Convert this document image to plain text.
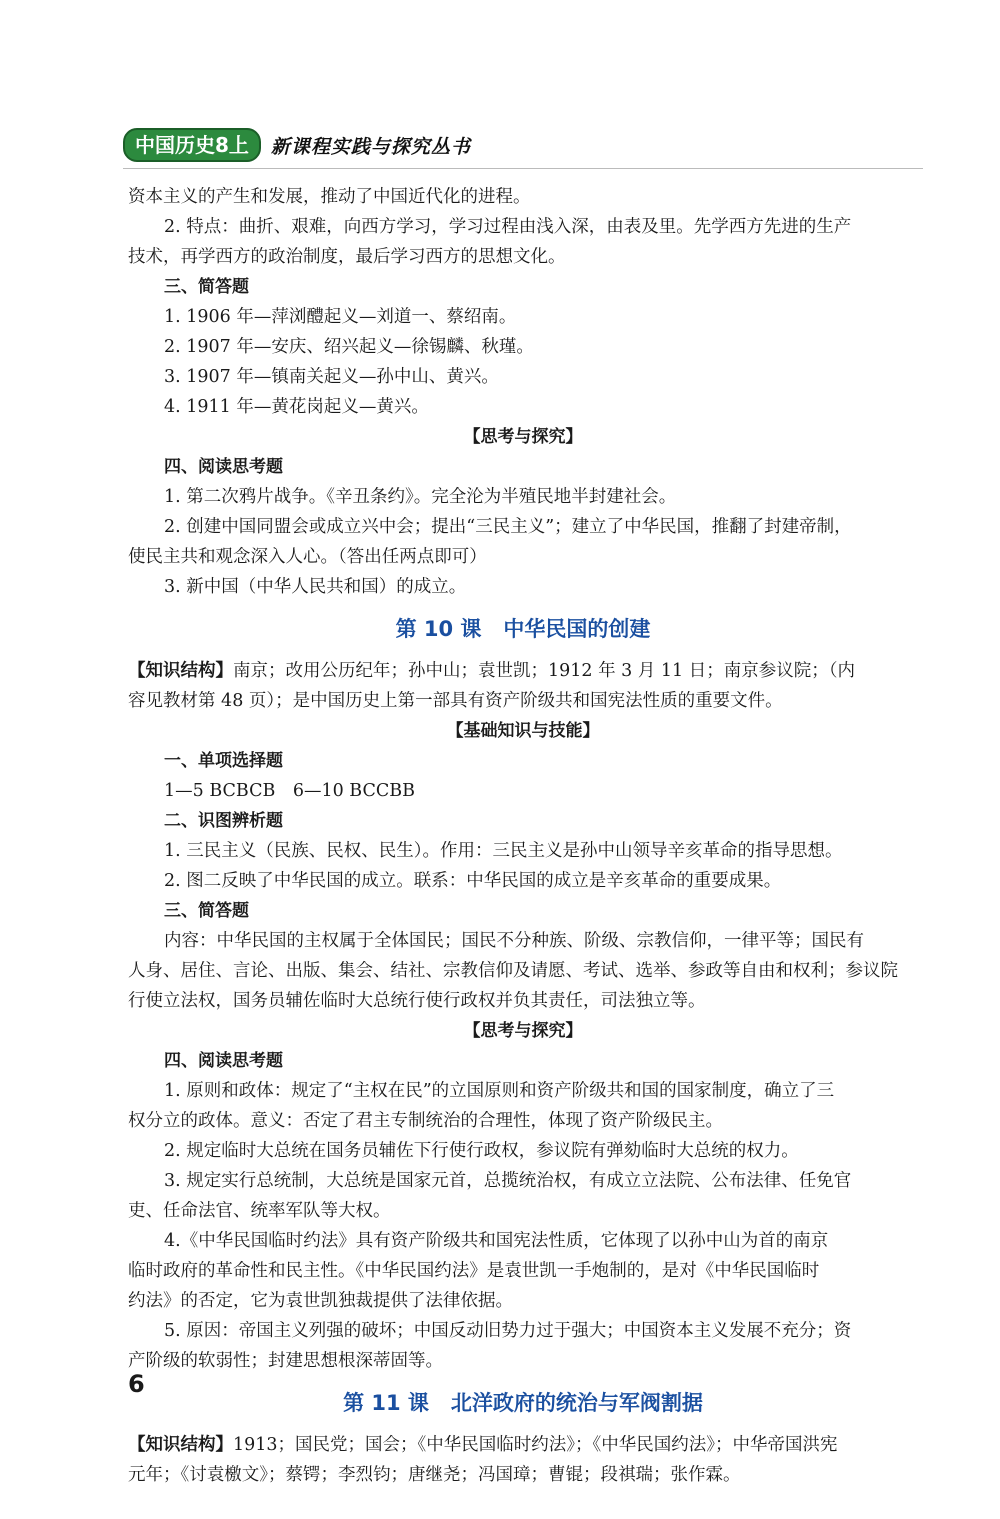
中国历史8上	新课程实践与探究丛书
资本主义的产生和发展，推动了中国近代化的进程。
2. 特点：曲折、艰难，向西方学习，学习过程由浅入深，由表及里。先学西方先进的生产
技术，再学西方的政治制度，最后学习西方的思想文化。
三、简答题
1. 1906 年—萍浏醴起义—刘道一、蔡绍南。
2. 1907 年—安庆、绍兴起义—徐锡麟、秋瑾。
3. 1907 年—镇南关起义—孙中山、黄兴。
4. 1911 年—黄花岗起义—黄兴。
【思考与探究】
四、阅读思考题
1. 第二次鸦片战争。《辛丑条约》。完全沦为半殖民地半封建社会。
2. 创建中国同盟会或成立兴中会；提出“三民主义”；建立了中华民国，推翻了封建帝制，
使民主共和观念深入人心。（答出任两点即可）
3. 新中国（中华人民共和国）的成立。
第 10 课 中华民国的创建
【知识结构】南京；改用公历纪年；孙中山；袁世凯；1912 年 3 月 11 日；南京参议院；（内
容见教材第 48 页）；是中国历史上第一部具有资产阶级共和国宪法性质的重要文件。
【基础知识与技能】
一、单项选择题
1—5 BCBCB　6—10 BCCBB
二、识图辨析题
1. 三民主义（民族、民权、民生）。作用：三民主义是孙中山领导辛亥革命的指导思想。
2. 图二反映了中华民国的成立。联系：中华民国的成立是辛亥革命的重要成果。
三、简答题
内容：中华民国的主权属于全体国民；国民不分种族、阶级、宗教信仰，一律平等；国民有
人身、居住、言论、出版、集会、结社、宗教信仰及请愿、考试、选举、参政等自由和权利；参议院
行使立法权，国务员辅佐临时大总统行使行政权并负其责任，司法独立等。
【思考与探究】
四、阅读思考题
1. 原则和政体：规定了“主权在民”的立国原则和资产阶级共和国的国家制度，确立了三
权分立的政体。意义：否定了君主专制统治的合理性，体现了资产阶级民主。
2. 规定临时大总统在国务员辅佐下行使行政权，参议院有弹劾临时大总统的权力。
3. 规定实行总统制，大总统是国家元首，总揽统治权，有成立立法院、公布法律、任免官
吏、任命法官、统率军队等大权。
4.《中华民国临时约法》具有资产阶级共和国宪法性质，它体现了以孙中山为首的南京
临时政府的革命性和民主性。《中华民国约法》是袁世凯一手炮制的，是对《中华民国临时
约法》的否定，它为袁世凯独裁提供了法律依据。
5. 原因：帝国主义列强的破坏；中国反动旧势力过于强大；中国资本主义发展不充分；资
产阶级的软弱性；封建思想根深蒂固等。
第 11 课 北洋政府的统治与军阀割据
【知识结构】1913；国民党；国会；《中华民国临时约法》；《中华民国约法》；中华帝国洪宪
元年；《讨袁檄文》；蔡锷；李烈钧；唐继尧；冯国璋；曹锟；段祺瑞；张作霖。
6
